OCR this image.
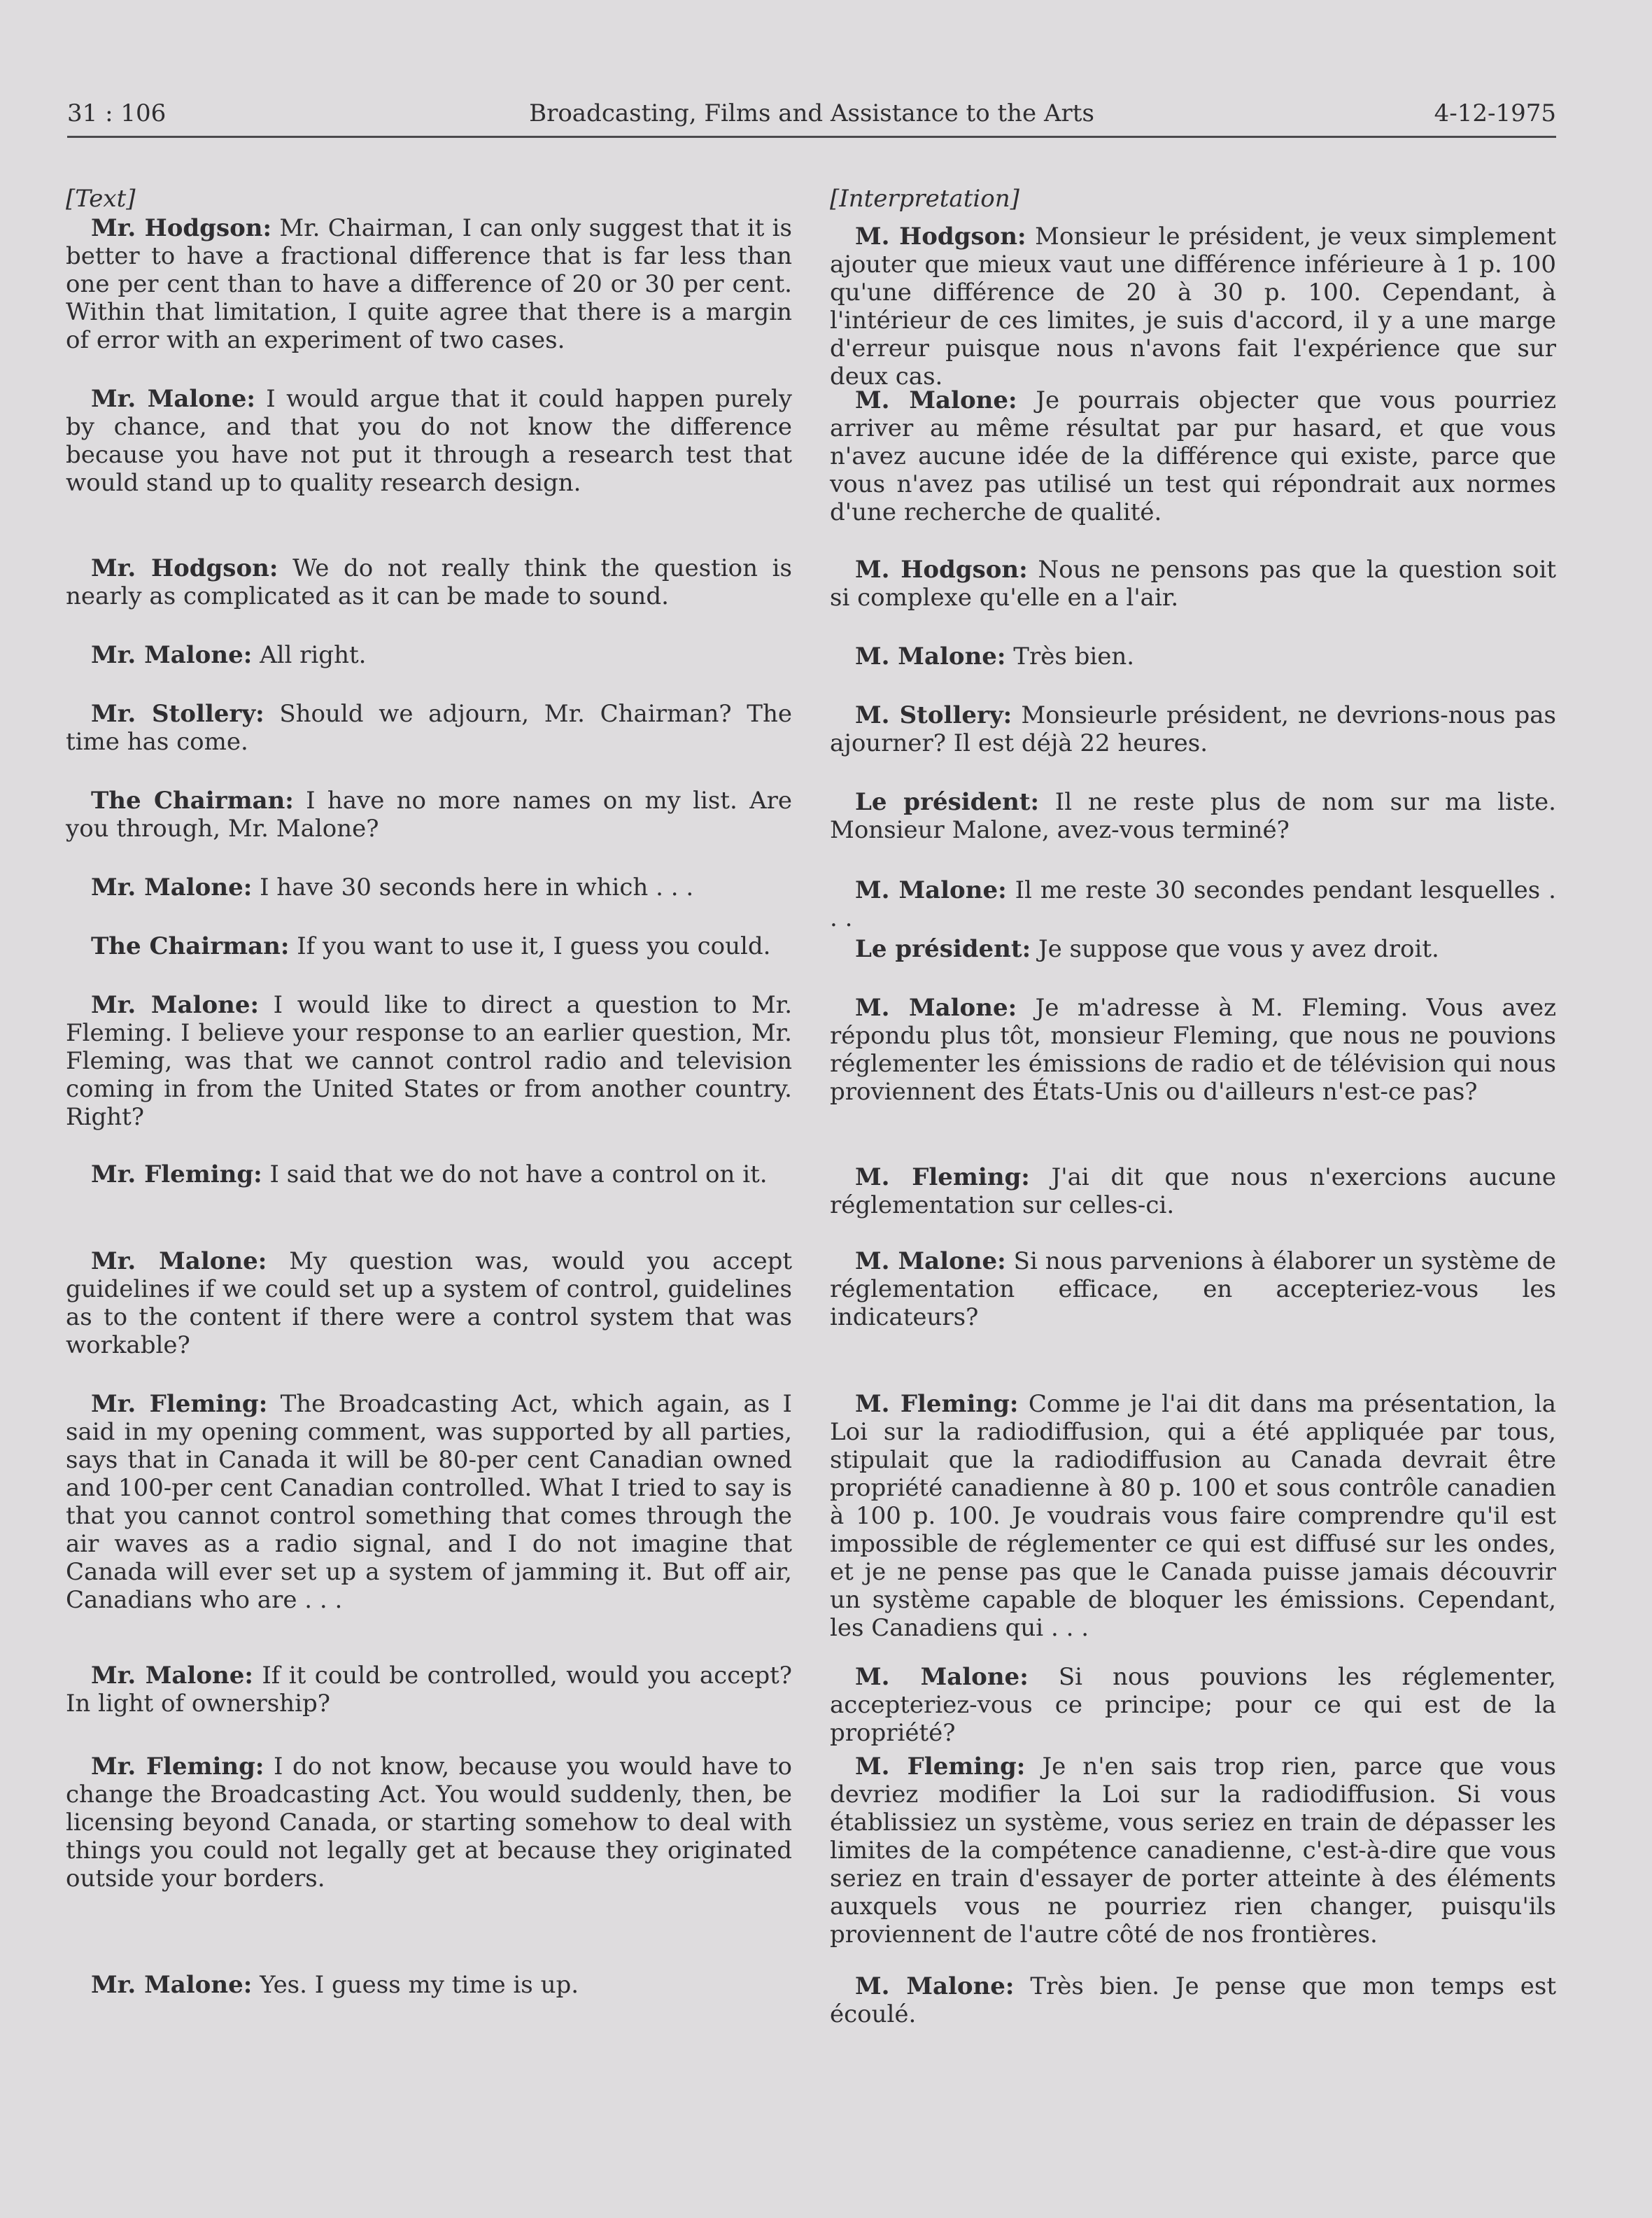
31 : 106	Broadcasting, Films and Assistance to the Arts	4-12-1975
[Text]

Mr. Hodgson: Mr. Chairman, I can only suggest that it is better to have a fractional difference that is far less than one per cent than to have a difference of 20 or 30 per cent. Within that limitation, I quite agree that there is a margin of error with an experiment of two cases.

Mr. Malone: I would argue that it could happen purely by chance, and that you do not know the difference because you have not put it through a research test that would stand up to quality research design.

Mr. Hodgson: We do not really think the question is nearly as complicated as it can be made to sound.

Mr. Malone: All right.

Mr. Stollery: Should we adjourn, Mr. Chairman? The time has come.

The Chairman: I have no more names on my list. Are you through, Mr. Malone?

Mr. Malone: I have 30 seconds here in which . . .

The Chairman: If you want to use it, I guess you could.

Mr. Malone: I would like to direct a question to Mr. Fleming. I believe your response to an earlier question, Mr. Fleming, was that we cannot control radio and television coming in from the United States or from another country. Right?

Mr. Fleming: I said that we do not have a control on it.

Mr. Malone: My question was, would you accept guidelines if we could set up a system of control, guidelines as to the content if there were a control system that was workable?

Mr. Fleming: The Broadcasting Act, which again, as I said in my opening comment, was supported by all parties, says that in Canada it will be 80-per cent Canadian owned and 100-per cent Canadian controlled. What I tried to say is that you cannot control something that comes through the air waves as a radio signal, and I do not imagine that Canada will ever set up a system of jamming it. But off air, Canadians who are . . .

Mr. Malone: If it could be controlled, would you accept? In light of ownership?

Mr. Fleming: I do not know, because you would have to change the Broadcasting Act. You would suddenly, then, be licensing beyond Canada, or starting somehow to deal with things you could not legally get at because they originated outside your borders.

Mr. Malone: Yes. I guess my time is up.

[Interpretation]

M. Hodgson: Monsieur le président, je veux simplement ajouter que mieux vaut une différence inférieure à 1 p. 100 qu'une différence de 20 à 30 p. 100. Cependant, à l'intérieur de ces limites, je suis d'accord, il y a une marge d'erreur puisque nous n'avons fait l'expérience que sur deux cas.

M. Malone: Je pourrais objecter que vous pourriez arriver au même résultat par pur hasard, et que vous n'avez aucune idée de la différence qui existe, parce que vous n'avez pas utilisé un test qui répondrait aux normes d'une recherche de qualité.

M. Hodgson: Nous ne pensons pas que la question soit si complexe qu'elle en a l'air.

M. Malone: Très bien.

M. Stollery: Monsieurle président, ne devrions-nous pas ajourner? Il est déjà 22 heures.

Le président: Il ne reste plus de nom sur ma liste. Monsieur Malone, avez-vous terminé?

M. Malone: Il me reste 30 secondes pendant lesquelles . . .

Le président: Je suppose que vous y avez droit.

M. Malone: Je m'adresse à M. Fleming. Vous avez répondu plus tôt, monsieur Fleming, que nous ne pouvions réglementer les émissions de radio et de télévision qui nous proviennent des États-Unis ou d'ailleurs n'est-ce pas?

M. Fleming: J'ai dit que nous n'exercions aucune réglementation sur celles-ci.

M. Malone: Si nous parvenions à élaborer un système de réglementation efficace, en accepteriez-vous les indicateurs?

M. Fleming: Comme je l'ai dit dans ma présentation, la Loi sur la radiodiffusion, qui a été appliquée par tous, stipulait que la radiodiffusion au Canada devrait être propriété canadienne à 80 p. 100 et sous contrôle canadien à 100 p. 100. Je voudrais vous faire comprendre qu'il est impossible de réglementer ce qui est diffusé sur les ondes, et je ne pense pas que le Canada puisse jamais découvrir un système capable de bloquer les émissions. Cependant, les Canadiens qui . . .

M. Malone: Si nous pouvions les réglementer, accepteriez-vous ce principe; pour ce qui est de la propriété?

M. Fleming: Je n'en sais trop rien, parce que vous devriez modifier la Loi sur la radiodiffusion. Si vous établissiez un système, vous seriez en train de dépasser les limites de la compétence canadienne, c'est-à-dire que vous seriez en train d'essayer de porter atteinte à des éléments auxquels vous ne pourriez rien changer, puisqu'ils proviennent de l'autre côté de nos frontières.

M. Malone: Très bien. Je pense que mon temps est écoulé.
